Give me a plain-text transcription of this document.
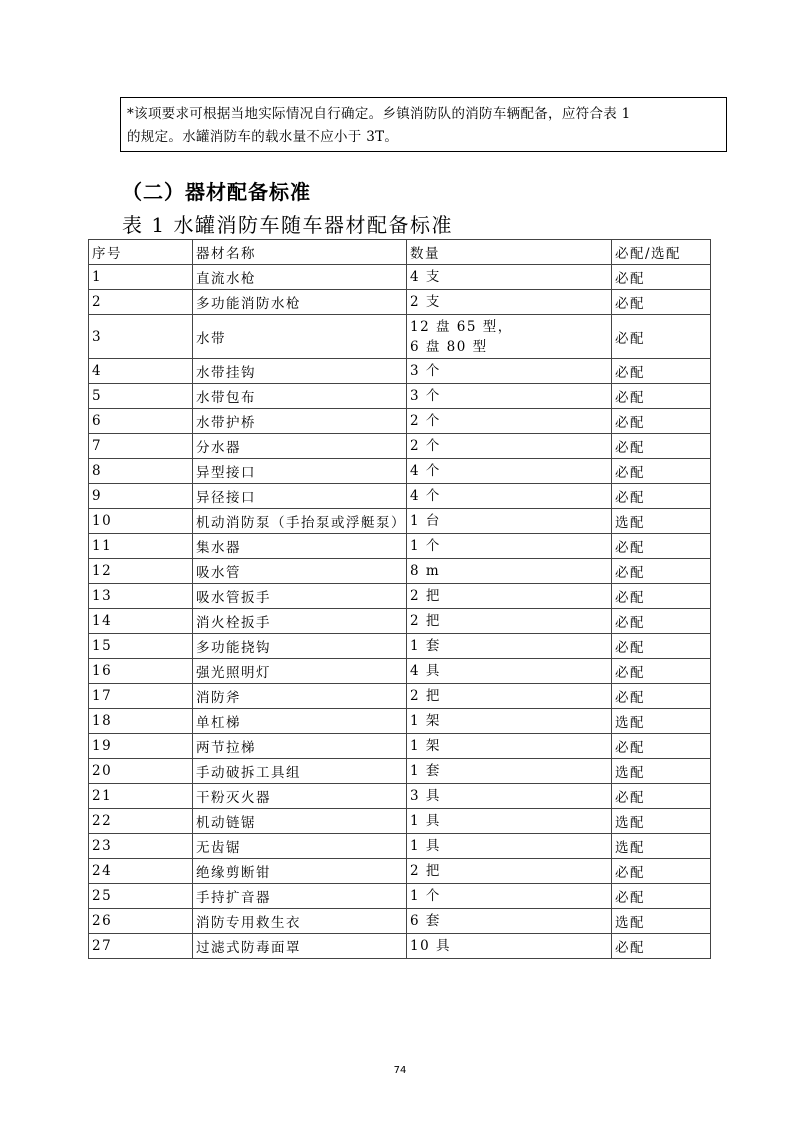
*该项要求可根据当地实际情况自行确定。乡镇消防队的消防车辆配备，应符合表 1
的规定。水罐消防车的载水量不应小于 3T。
（二）器材配备标准
表 1 水罐消防车随车器材配备标准
序号	器材名称	数量	必配/选配
1	直流水枪	4 支	必配
2	多功能消防水枪	2 支	必配
3	水带	12 盘 65 型，
6 盘 80 型	必配
4	水带挂钩	3 个	必配
5	水带包布	3 个	必配
6	水带护桥	2 个	必配
7	分水器	2 个	必配
8	异型接口	4 个	必配
9	异径接口	4 个	必配
10	机动消防泵（手抬泵或浮艇泵）	1 台	选配
11	集水器	1 个	必配
12	吸水管	8 m	必配
13	吸水管扳手	2 把	必配
14	消火栓扳手	2 把	必配
15	多功能挠钩	1 套	必配
16	强光照明灯	4 具	必配
17	消防斧	2 把	必配
18	单杠梯	1 架	选配
19	两节拉梯	1 架	必配
20	手动破拆工具组	1 套	选配
21	干粉灭火器	3 具	必配
22	机动链锯	1 具	选配
23	无齿锯	1 具	选配
24	绝缘剪断钳	2 把	必配
25	手持扩音器	1 个	必配
26	消防专用救生衣	6 套	选配
27	过滤式防毒面罩	10 具	必配
74
